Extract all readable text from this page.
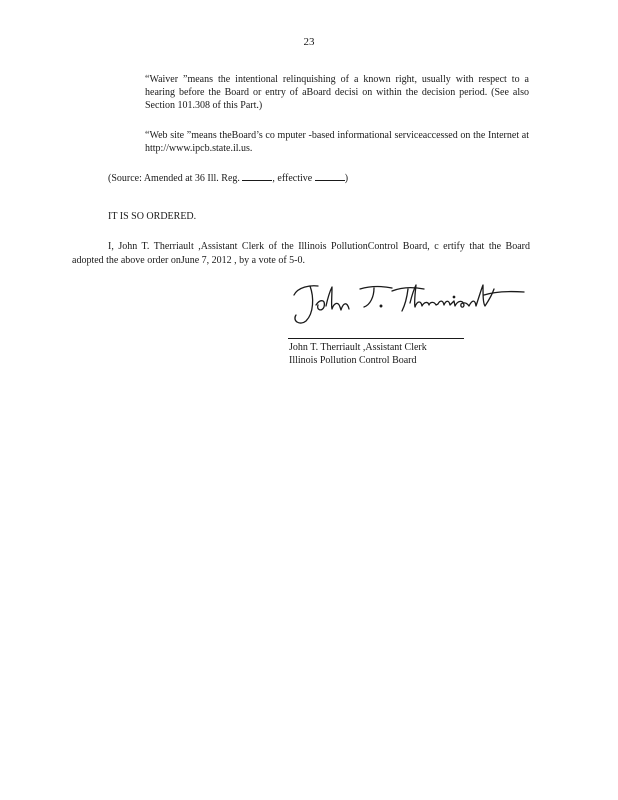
23

“Waiver ”means the intentional relinquishing of a known right, usually with respect to a hearing before the Board or entry of aBoard decisi on within the decision period. (See also Section 101.308 of this Part.)

“Web site ”means theBoard’s co mputer -based informational serviceaccessed on the Internet at http://www.ipcb.state.il.us.

(Source: Amended at 36 Ill. Reg.	, effective	)
IT IS SO ORDERED.
I, John T. Therriault ,Assistant Clerk of the Illinois PollutionControl Board, c ertify that the Board adopted the above order onJune 7, 2012 , by a vote of 5-0.
John T. Therriault ,Assistant Clerk
Illinois Pollution Control Board
